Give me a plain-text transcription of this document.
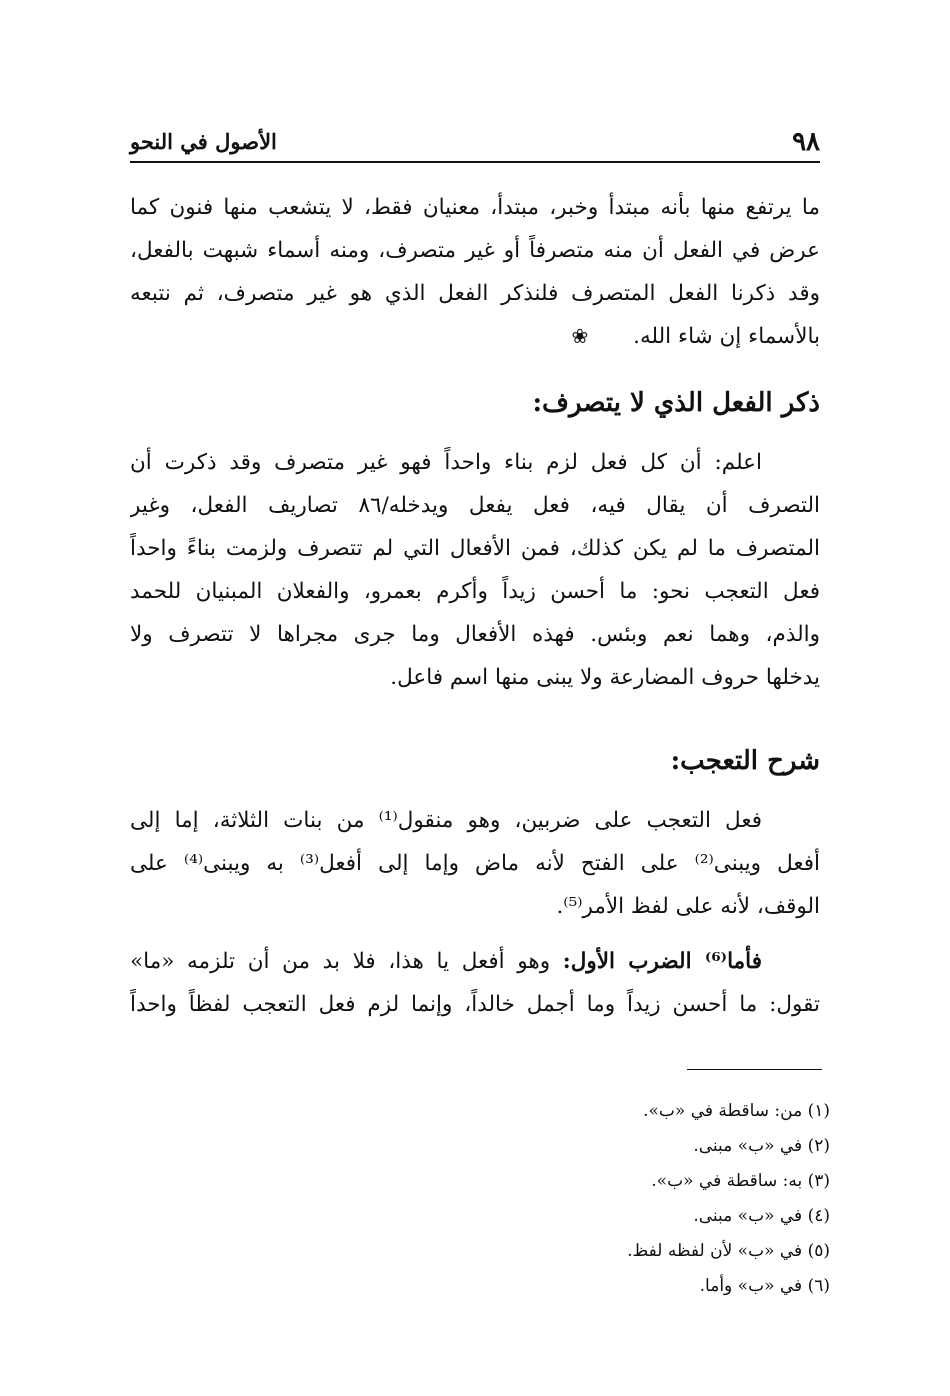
٩٨
الأصول في النحو
ما يرتفع منها بأنه مبتدأ وخبر، مبتدأ، معنيان فقط، لا يتشعب منها فنون كما
عرض في الفعل أن منه متصرفاً أو غير متصرف، ومنه أسماء شبهت بالفعل،
وقد ذكرنا الفعل المتصرف فلنذكر الفعل الذي هو غير متصرف، ثم نتبعه
بالأسماء إن شاء الله. ❀
ذكر الفعل الذي لا يتصرف:
اعلم: أن كل فعل لزم بناء واحداً فهو غير متصرف وقد ذكرت أن
التصرف أن يقال فيه، فعل يفعل ويدخله/٨٦ تصاريف الفعل، وغير
المتصرف ما لم يكن كذلك، فمن الأفعال التي لم تتصرف ولزمت بناءً واحداً
فعل التعجب نحو: ما أحسن زيداً وأكرم بعمرو، والفعلان المبنيان للحمد
والذم، وهما نعم وبئس. فهذه الأفعال وما جرى مجراها لا تتصرف ولا
يدخلها حروف المضارعة ولا يبنى منها اسم فاعل.
شرح التعجب:
فعل التعجب على ضربين، وهو منقول⁽¹⁾ من بنات الثلاثة، إما إلى
أفعل ويبنى⁽²⁾ على الفتح لأنه ماض وإما إلى أفعل⁽³⁾ به ويبنى⁽⁴⁾ على
الوقف، لأنه على لفظ الأمر⁽⁵⁾.
فأما⁽⁶⁾ الضرب الأول: وهو أفعل يا هذا، فلا بد من أن تلزمه «ما»
تقول: ما أحسن زيداً وما أجمل خالداً، وإنما لزم فعل التعجب لفظاً واحداً
(١) من: ساقطة في «ب».
(٢) في «ب» مبنى.
(٣) به: ساقطة في «ب».
(٤) في «ب» مبنى.
(٥) في «ب» لأن لفظه لفظ.
(٦) في «ب» وأما.
